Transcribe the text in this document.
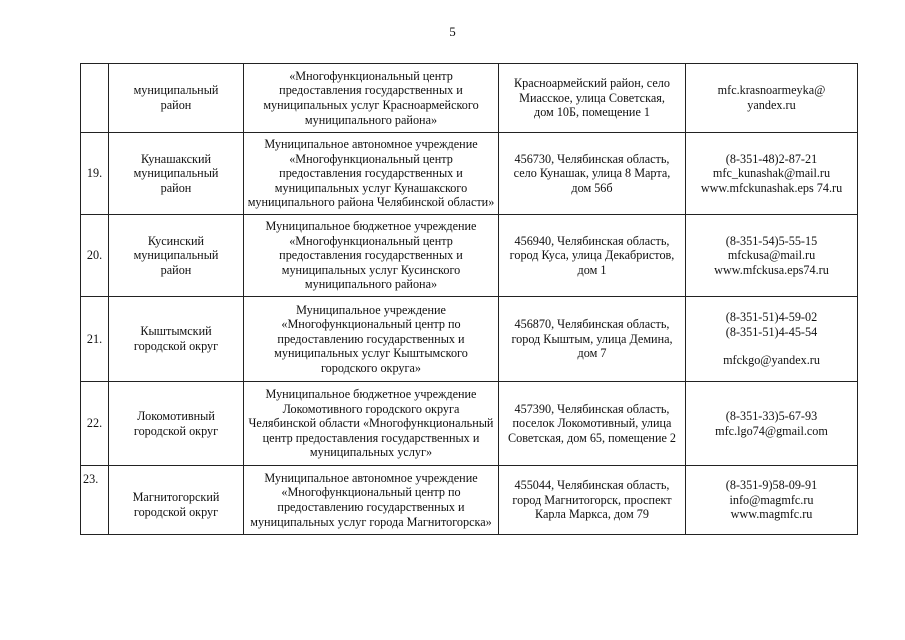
5

	муниципальный
район	«Многофункциональный центр
предоставления государственных и
муниципальных услуг Красноармейского
муниципального района»	Красноармейский район, село
Миасское, улица Советская,
дом 10Б, помещение 1	mfc.krasnoarmeyka@
yandex.ru

19.	Кунашакский
муниципальный
район	Муниципальное автономное учреждение
«Многофункциональный центр
предоставления государственных и
муниципальных услуг Кунашакского
муниципального района Челябинской области»	456730, Челябинская область,
село Кунашак, улица 8 Марта,
дом 56б	(8-351-48)2-87-21
mfc_kunashak@mail.ru
www.mfckunashak.eps 74.ru

20.	Кусинский
муниципальный
район	Муниципальное бюджетное учреждение
«Многофункциональный центр
предоставления государственных и
муниципальных услуг Кусинского
муниципального района»	456940, Челябинская область,
город Куса, улица Декабристов,
дом 1	(8-351-54)5-55-15
mfckusa@mail.ru
www.mfckusa.eps74.ru

21.	Кыштымский
городской округ	Муниципальное учреждение
«Многофункциональный центр по
предоставлению государственных и
муниципальных услуг Кыштымского
городского округа»	456870, Челябинская область,
город Кыштым, улица Демина,
дом 7	(8-351-51)4-59-02
(8-351-51)4-45-54
mfckgo@yandex.ru

22.	Локомотивный
городской округ	Муниципальное бюджетное учреждение
Локомотивного городского округа
Челябинской области «Многофункциональный
центр предоставления государственных и
муниципальных услуг»	457390, Челябинская область,
поселок Локомотивный, улица
Советская, дом 65, помещение 2	(8-351-33)5-67-93
mfc.lgo74@gmail.com

23.	Магнитогорский
городской округ	Муниципальное автономное учреждение
«Многофункциональный центр по
предоставлению государственных и
муниципальных услуг города Магнитогорска»	455044, Челябинская область,
город Магнитогорск, проспект
Карла Маркса, дом 79	(8-351-9)58-09-91
info@magmfc.ru
www.magmfc.ru
